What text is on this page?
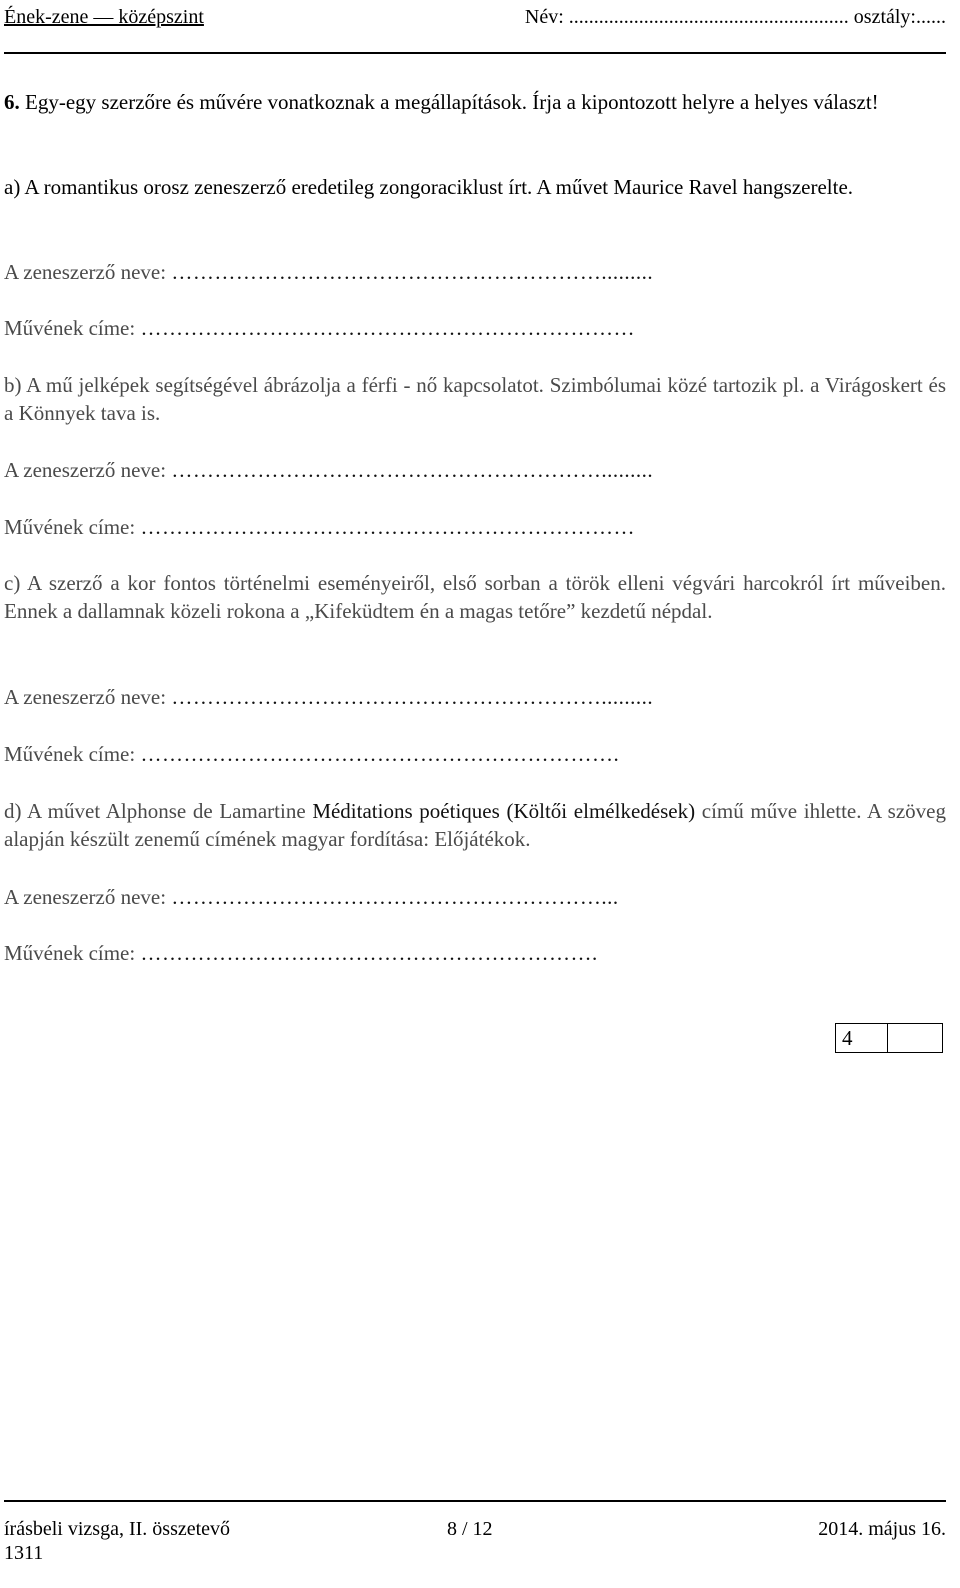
Ének-zene — középszint	Név: ........................................................ osztály:......
6. Egy-egy szerzőre és művére vonatkoznak a megállapítások. Írja a kipontozott helyre a helyes választ!
a) A romantikus orosz zeneszerző eredetileg zongoraciklust írt. A művet Maurice Ravel hangszerelte.
A zeneszerző neve: …………………………………………………….........
Művének címe: ……………………………………………………………
b) A mű jelképek segítségével ábrázolja a férfi - nő kapcsolatot. Szimbólumai közé tartozik pl. a Virágoskert és a Könnyek tava is.
A zeneszerző neve: …………………………………………………….........
Művének címe: ……………………………………………………………
c) A szerző a kor fontos történelmi eseményeiről, első sorban a török elleni végvári harcokról írt műveiben. Ennek a dallamnak közeli rokona a „Kifeküdtem én a magas tetőre” kezdetű népdal.
A zeneszerző neve: …………………………………………………….........
Művének címe: ………………………………………………………….
d) A művet Alphonse de Lamartine Méditations poétiques (Költői elmélkedések) című műve ihlette. A szöveg alapján készült zenemű címének magyar fordítása: Előjátékok.
A zeneszerző neve: ……………………………………………………...
Művének címe: ……………………………………………………….
4
írásbeli vizsga, II. összetevő	8 / 12	2014. május 16.
1311
